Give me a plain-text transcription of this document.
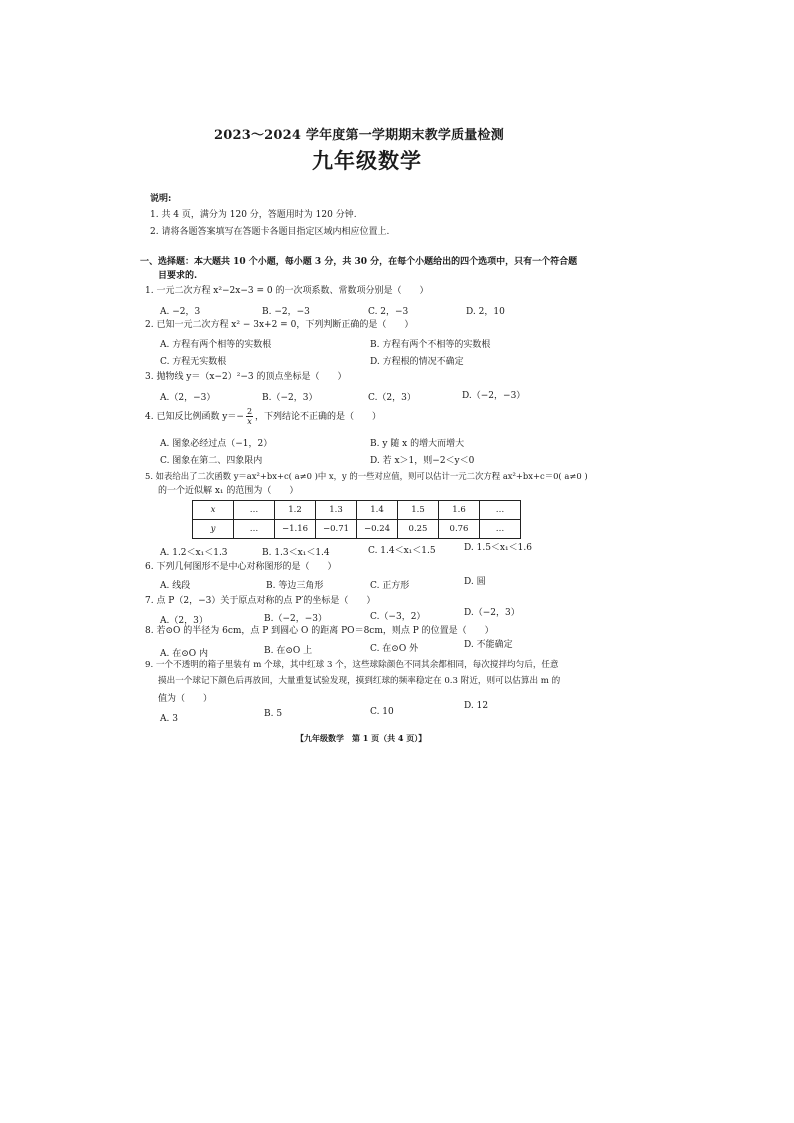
2023～2024 学年度第一学期期末教学质量检测
九年级数学
说明:
1. 共 4 页，满分为 120 分，答题用时为 120 分钟.
2. 请将各题答案填写在答题卡各题目指定区域内相应位置上.
一、选择题：本大题共 10 个小题，每小题 3 分，共 30 分，在每个小题给出的四个选项中，只有一个符合题
目要求的.
1. 一元二次方程 x²−2x−3 = 0 的一次项系数、常数项分别是（　　）
A. −2，3	B. −2，−3	C. 2，−3	D. 2，10
2. 已知一元二次方程 x² − 3x+2 = 0，下列判断正确的是（　　）
A. 方程有两个相等的实数根	B. 方程有两个不相等的实数根
C. 方程无实数根	D. 方程根的情况不确定
3. 抛物线 y＝（x−2）²−3 的顶点坐标是（　　）
A.（2，−3）	B.（−2，3）	C.（2，3）	D.（−2，−3）
4. 已知反比例函数 $y=- \frac{2}{x}$ ，下列结论不正确的是（　　）
A. 图象必经过点（−1，2）	B. y 随 x 的增大而增大
C. 图象在第二、四象限内	D. 若 x＞1，则−2＜y＜0
5. 如表给出了二次函数 y＝ax²+bx+c( a≠0 )中 x，y 的一些对应值，则可以估计一元二次方程 ax²+bx+c＝0( a≠0 )
的一个近似解 x₁ 的范围为（　　）
x	…	1.2	1.3	1.4	1.5	1.6	…
y	…	−1.16	−0.71	−0.24	0.25	0.76	…
A. 1.2＜x₁＜1.3	B. 1.3＜x₁＜1.4	C. 1.4＜x₁＜1.5	D. 1.5＜x₁＜1.6
6. 下列几何图形不是中心对称图形的是（　　）
A. 线段	B. 等边三角形	C. 正方形	D. 圆
7. 点 P（2，−3）关于原点对称的点 P′的坐标是（　　）
A.（2，3）	B.（−2，−3）	C.（−3，2）	D.（−2，3）
8. 若⊙O 的半径为 6cm，点 P 到圆心 O 的距离 PO＝8cm，则点 P 的位置是（　　）
A. 在⊙O 内	B. 在⊙O 上	C. 在⊙O 外	D. 不能确定
9. 一个不透明的箱子里装有 m 个球，其中红球 3 个，这些球除颜色不同其余都相同，每次搅拌均匀后，任意
摸出一个球记下颜色后再放回，大量重复试验发现，摸到红球的频率稳定在 0.3 附近，则可以估算出 m 的
值为（　　）
A. 3	B. 5	C. 10
D. 12
【九年级数学　第 1 页（共 4 页）】
